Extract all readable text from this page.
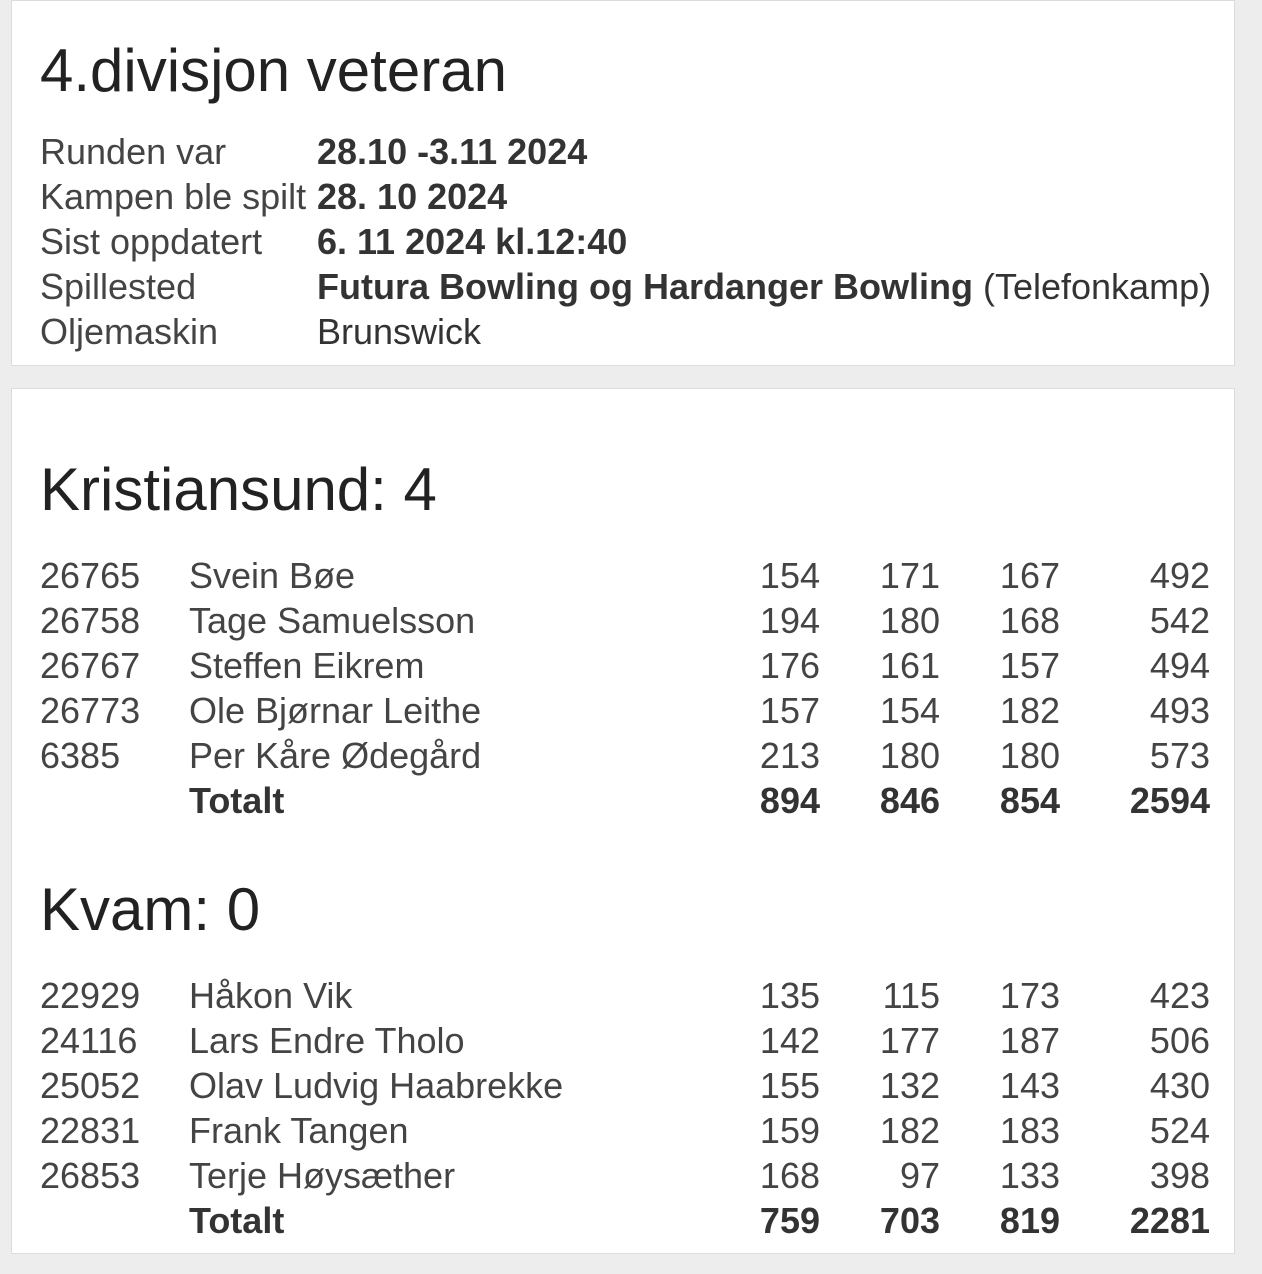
4.divisjon veteran
Runden var	28.10 -3.11 2024
Kampen ble spilt 28. 10 2024
Sist oppdatert 6. 11 2024 kl.12:40
Spillested	Futura Bowling og Hardanger Bowling (Telefonkamp)
Oljemaskin	Brunswick
Kristiansund: 4
26765 Svein Bøe	154 171 167 492
26758 Tage Samuelsson	194 180 168 542
26767 Steffen Eikrem	176 161 157 494
26773 Ole Bjørnar Leithe	157 154 182 493
6385 Per Kåre Ødegård	213 180 180 573
Totalt	894 846 854 2594
Kvam: 0
22929 Håkon Vik	135 115 173 423
24116 Lars Endre Tholo	142 177 187 506
25052 Olav Ludvig Haabrekke	155 132 143 430
22831 Frank Tangen	159 182 183 524
26853 Terje Høysæther	168 97 133 398
Totalt	759 703 819 2281
